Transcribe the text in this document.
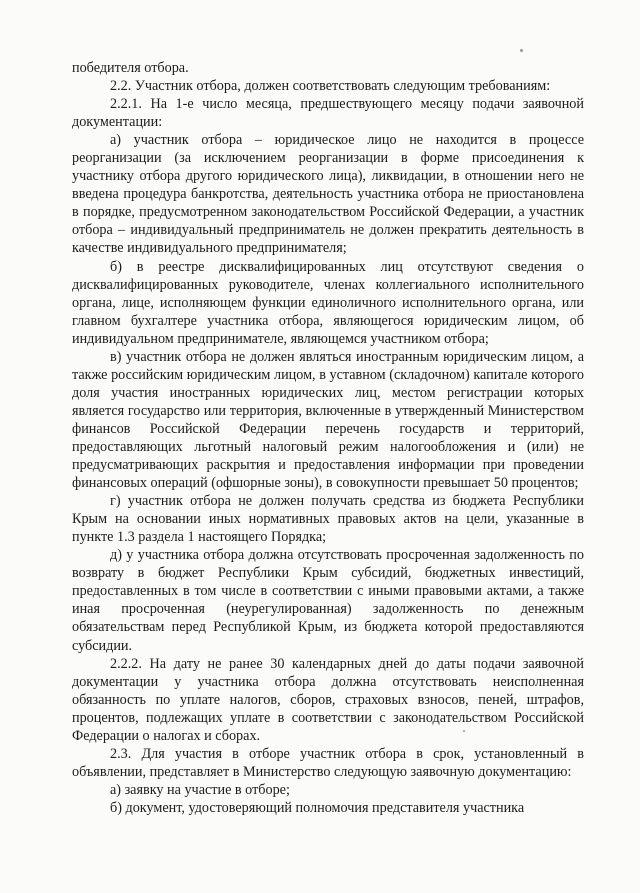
победителя отбора.

2.2. Участник отбора, должен соответствовать следующим требованиям:

2.2.1. На 1-е число месяца, предшествующего месяцу подачи заявочной документации:

а) участник отбора – юридическое лицо не находится в процессе реорганизации (за исключением реорганизации в форме присоединения к участнику отбора другого юридического лица), ликвидации, в отношении него не введена процедура банкротства, деятельность участника отбора не приостановлена в порядке, предусмотренном законодательством Российской Федерации, а участник отбора – индивидуальный предприниматель не должен прекратить деятельность в качестве индивидуального предпринимателя;

б) в реестре дисквалифицированных лиц отсутствуют сведения о дисквалифицированных руководителе, членах коллегиального исполнительного органа, лице, исполняющем функции единоличного исполнительного органа, или главном бухгалтере участника отбора, являющегося юридическим лицом, об индивидуальном предпринимателе, являющемся участником отбора;

в) участник отбора не должен являться иностранным юридическим лицом, а также российским юридическим лицом, в уставном (складочном) капитале которого доля участия иностранных юридических лиц, местом регистрации которых является государство или территория, включенные в утвержденный Министерством финансов Российской Федерации перечень государств и территорий, предоставляющих льготный налоговый режим налогообложения и (или) не предусматривающих раскрытия и предоставления информации при проведении финансовых операций (офшорные зоны), в совокупности превышает 50 процентов;

г) участник отбора не должен получать средства из бюджета Республики Крым на основании иных нормативных правовых актов на цели, указанные в пункте 1.3 раздела 1 настоящего Порядка;

д) у участника отбора должна отсутствовать просроченная задолженность по возврату в бюджет Республики Крым субсидий, бюджетных инвестиций, предоставленных в том числе в соответствии с иными правовыми актами, а также иная просроченная (неурегулированная) задолженность по денежным обязательствам перед Республикой Крым, из бюджета которой предоставляются субсидии.

2.2.2. На дату не ранее 30 календарных дней до даты подачи заявочной документации у участника отбора должна отсутствовать неисполненная обязанность по уплате налогов, сборов, страховых взносов, пеней, штрафов, процентов, подлежащих уплате в соответствии с законодательством Российской Федерации о налогах и сборах.

2.3. Для участия в отборе участник отбора в срок, установленный в объявлении, представляет в Министерство следующую заявочную документацию:

а) заявку на участие в отборе;

б) документ, удостоверяющий полномочия представителя участника
